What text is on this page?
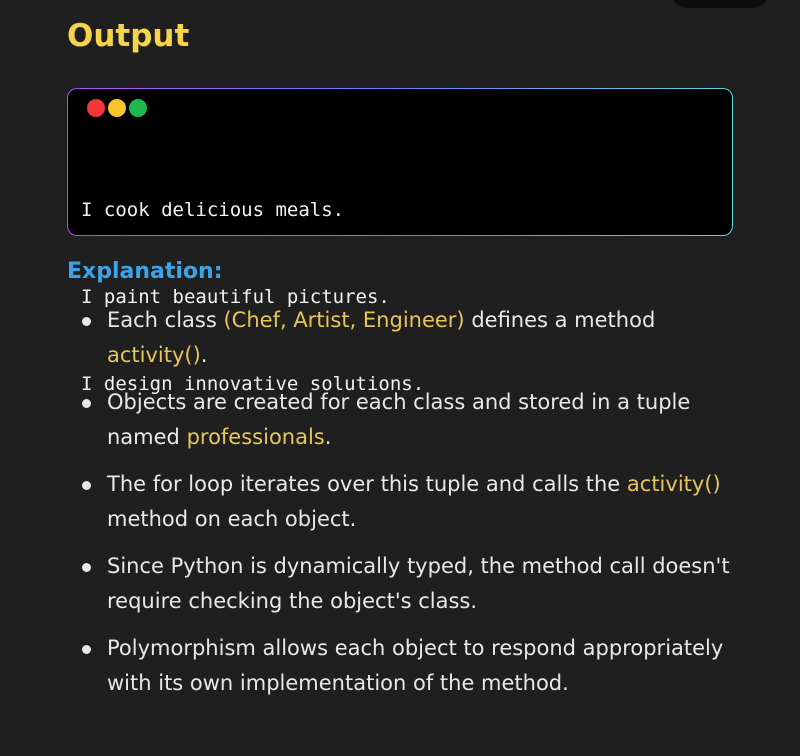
Output

I cook delicious meals.

I paint beautiful pictures.

I design innovative solutions.

Explanation:
Each class (Chef, Artist, Engineer) defines a method activity().
Objects are created for each class and stored in a tuple named professionals.
The for loop iterates over this tuple and calls the activity() method on each object.
Since Python is dynamically typed, the method call doesn't require checking the object's class.
Polymorphism allows each object to respond appropriately with its own implementation of the method.
